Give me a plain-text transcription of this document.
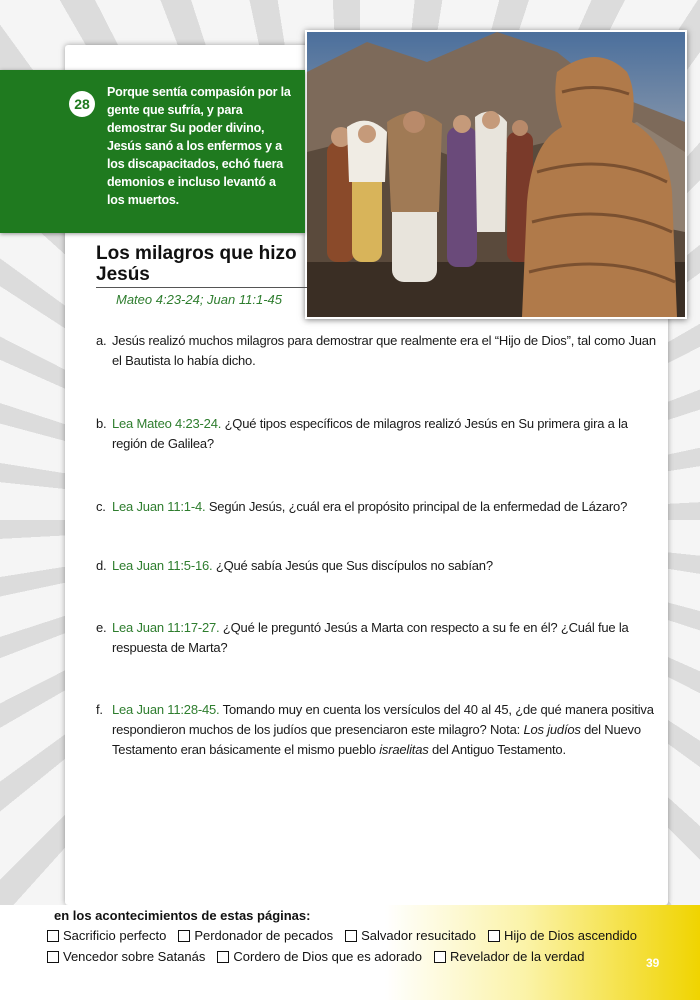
28
Porque sentía compasión por la gente que sufría, y para demostrar Su poder divino, Jesús sanó a los enfermos y a los discapacitados, echó fuera demonios e incluso levantó a los muertos.
Los milagros que hizo Jesús
Mateo 4:23-24; Juan 11:1-45
a. Jesús realizó muchos milagros para demostrar que realmente era el “Hijo de Dios”, tal como Juan el Bautista lo había dicho.
b. Lea Mateo 4:23-24. ¿Qué tipos específicos de milagros realizó Jesús en Su primera gira a la región de Galilea?
c. Lea Juan 11:1-4. Según Jesús, ¿cuál era el propósito principal de la enfermedad de Lázaro?
d. Lea Juan 11:5-16. ¿Qué sabía Jesús que Sus discípulos no sabían?
e. Lea Juan 11:17-27. ¿Qué le preguntó Jesús a Marta con respecto a su fe en él? ¿Cuál fue la respuesta de Marta?
f. Lea Juan 11:28-45. Tomando muy en cuenta los versículos del 40 al 45, ¿de qué manera positiva respondieron muchos de los judíos que presenciaron este milagro? Nota: Los judíos del Nuevo Testamento eran básicamente el mismo pueblo israelitas del Antiguo Testamento.
en los acontecimientos de estas páginas:
Sacrificio perfecto Perdonador de pecados Salvador resucitado Hijo de Dios ascendido
Vencedor sobre Satanás Cordero de Dios que es adorado Revelador de la verdad	39
